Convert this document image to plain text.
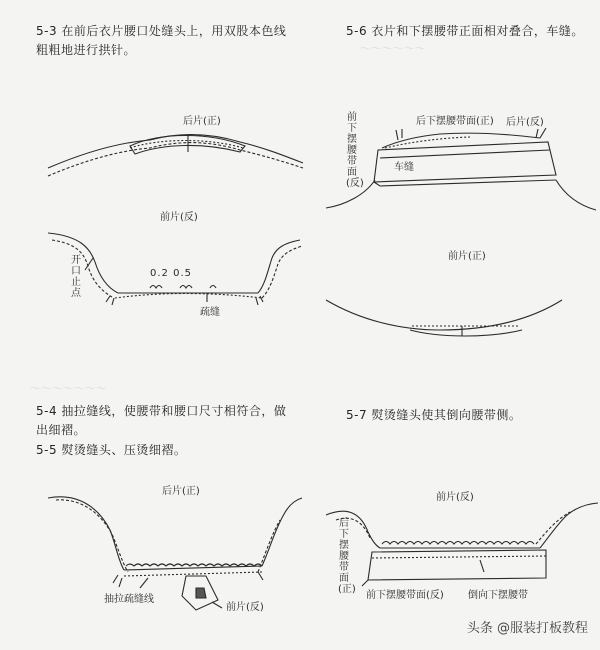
～～～～～～
～～～～～～～
5-3 在前后衣片腰口处缝头上，用双股本色线粗粗地进行拱针。
5-6 衣片和下摆腰带正面相对叠合，车缝。
5-4 抽拉缝线，使腰带和腰口尺寸相符合，做出细褶。
5-5 熨烫缝头、压烫细褶。
5-7 熨烫缝头使其倒向腰带侧。
后片(正)
前片(反)
开口止点
0.2 0.5
疏缝
后下摆腰带面(正) 后片(反)
前下摆腰带面(反)
车缝
前片(正)
后片(正)
抽拉疏缝线
前片(反)
前片(反)
后下摆腰带面(正)
前下摆腰带面(反) 倒向下摆腰带
头条 @服装打板教程
